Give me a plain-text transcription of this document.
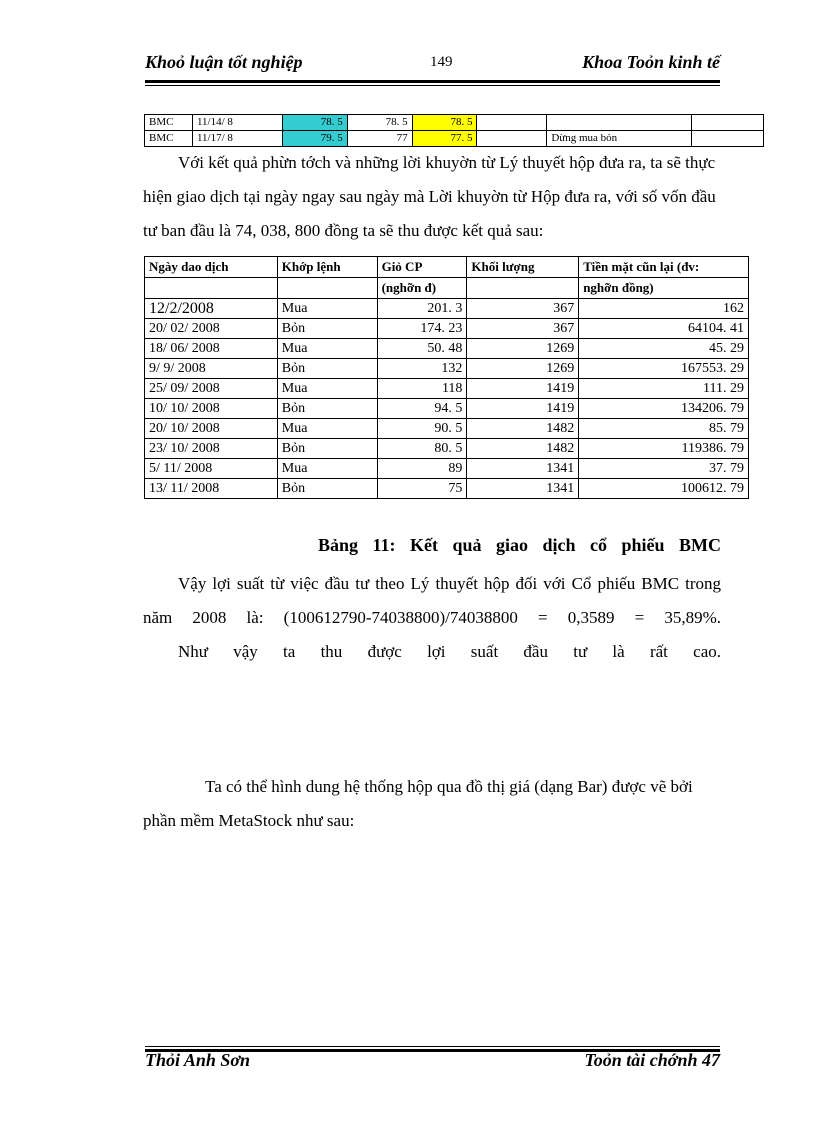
Khoỏ luận tốt nghiệp	149	Khoa Toỏn kinh tế
BMC	11/14/ 8	78. 5	78. 5	78. 5			
BMC	11/17/ 8	79. 5	77	77. 5		Dừng mua bỏn	

Với kết quả phừn tớch và những lời khuyờn từ Lý thuyết hộp đưa ra, ta sẽ thực hiện giao dịch tại ngày ngay sau ngày mà Lời khuyờn từ Hộp đưa ra, với số vốn đầu tư ban đầu là 74, 038, 800 đồng ta sẽ thu được kết quả sau:

Ngày dao dịch	Khớp lệnh	Giỏ CP	Khối lượng	Tiền mặt cũn lại (đv:
		(nghỡn đ)		nghỡn đồng)
12/2/2008	Mua	201. 3	367	162
20/ 02/ 2008	Bỏn	174. 23	367	64104. 41
18/ 06/ 2008	Mua	50. 48	1269	45. 29
9/ 9/ 2008	Bỏn	132	1269	167553. 29
25/ 09/ 2008	Mua	118	1419	111. 29
10/ 10/ 2008	Bỏn	94. 5	1419	134206. 79
20/ 10/ 2008	Mua	90. 5	1482	85. 79
23/ 10/ 2008	Bỏn	80. 5	1482	119386. 79
5/ 11/ 2008	Mua	89	1341	37. 79
13/ 11/ 2008	Bỏn	75	1341	100612. 79
Bảng 11: Kết quả giao dịch cổ phiếu BMC

Vậy lợi suất từ việc đầu tư theo Lý thuyết hộp đối với Cổ phiếu BMC trong năm 2008 là: (100612790-74038800)/74038800 = 0,3589 = 35,89%.
Như vậy ta thu được lợi suất đầu tư là rất cao.

Ta có thể hình dung hệ thống hộp qua đồ thị giá (dạng Bar) được vẽ bởi phần mềm MetaStock như sau:

Thỏi Anh Sơn	Toỏn tài chớnh 47
